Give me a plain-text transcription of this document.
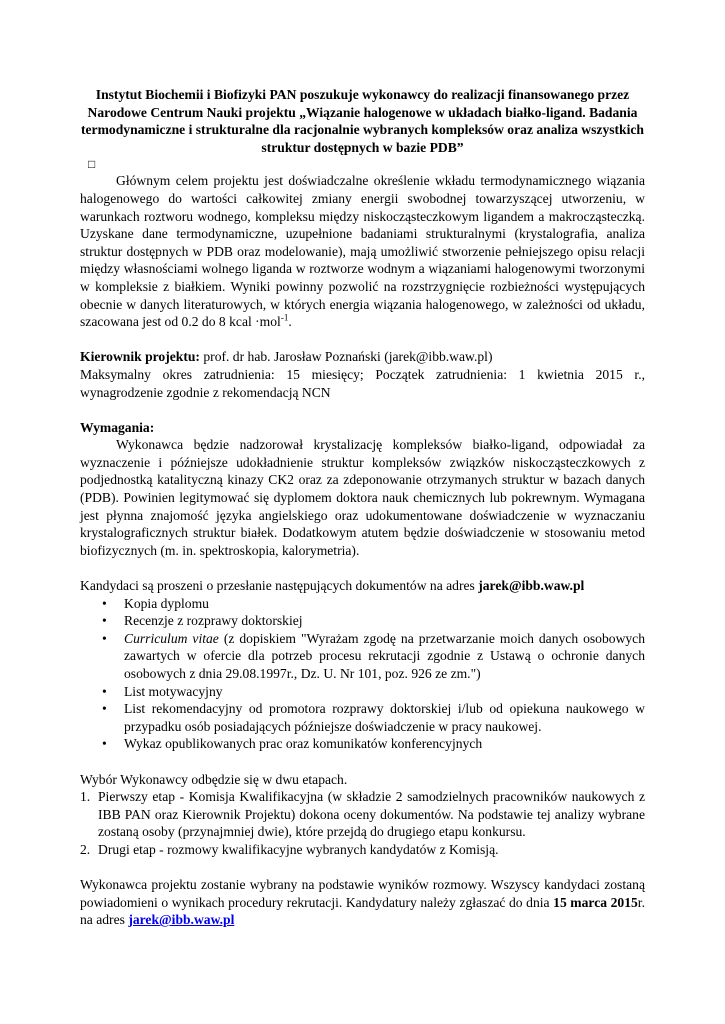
Instytut Biochemii i Biofizyki PAN poszukuje wykonawcy do realizacji finansowanego przez Narodowe Centrum Nauki projektu „Wiązanie halogenowe w układach białko-ligand. Badania termodynamiczne i strukturalne dla racjonalnie wybranych kompleksów oraz analiza wszystkich struktur dostępnych w bazie PDB”

□

Głównym celem projektu jest doświadczalne określenie wkładu termodynamicznego wiązania halogenowego do wartości całkowitej zmiany energii swobodnej towarzyszącej utworzeniu, w warunkach roztworu wodnego, kompleksu między niskocząsteczkowym ligandem a makrocząsteczką. Uzyskane dane termodynamiczne, uzupełnione badaniami strukturalnymi (krystalografia, analiza struktur dostępnych w PDB oraz modelowanie), mają umożliwić stworzenie pełniejszego opisu relacji między własnościami wolnego liganda w roztworze wodnym a wiązaniami halogenowymi tworzonymi w kompleksie z białkiem. Wyniki powinny pozwolić na rozstrzygnięcie rozbieżności występujących obecnie w danych literaturowych, w których energia wiązania halogenowego, w zależności od układu, szacowana jest od 0.2 do 8 kcal ·mol$^{-1}$.

Kierownik projektu: prof. dr hab. Jarosław Poznański (jarek@ibb.waw.pl)

Maksymalny okres zatrudnienia: 15 miesięcy; Początek zatrudnienia: 1 kwietnia 2015 r., wynagrodzenie zgodnie z rekomendacją NCN

Wymagania:

Wykonawca będzie nadzorował krystalizację kompleksów białko-ligand, odpowiadał za wyznaczenie i późniejsze udokładnienie struktur kompleksów związków niskocząsteczkowych z podjednostką katalityczną kinazy CK2 oraz za zdeponowanie otrzymanych struktur w bazach danych (PDB). Powinien legitymować się dyplomem doktora nauk chemicznych lub pokrewnym. Wymagana jest płynna znajomość języka angielskiego oraz udokumentowane doświadczenie w wyznaczaniu krystalograficznych struktur białek. Dodatkowym atutem będzie doświadczenie w stosowaniu metod biofizycznych (m. in. spektroskopia, kalorymetria).

Kandydaci są proszeni o przesłanie następujących dokumentów na adres jarek@ibb.waw.pl

• Kopia dyplomu
• Recenzje z rozprawy doktorskiej
• Curriculum vitae (z dopiskiem "Wyrażam zgodę na przetwarzanie moich danych osobowych zawartych w ofercie dla potrzeb procesu rekrutacji zgodnie z Ustawą o ochronie danych osobowych z dnia 29.08.1997r., Dz. U. Nr 101, poz. 926 ze zm.")
• List motywacyjny
• List rekomendacyjny od promotora rozprawy doktorskiej i/lub od opiekuna naukowego w przypadku osób posiadających późniejsze doświadczenie w pracy naukowej.
• Wykaz opublikowanych prac oraz komunikatów konferencyjnych

Wybór Wykonawcy odbędzie się w dwu etapach.

1. Pierwszy etap - Komisja Kwalifikacyjna (w składzie 2 samodzielnych pracowników naukowych z IBB PAN oraz Kierownik Projektu) dokona oceny dokumentów. Na podstawie tej analizy wybrane zostaną osoby (przynajmniej dwie), które przejdą do drugiego etapu konkursu.
2. Drugi etap - rozmowy kwalifikacyjne wybranych kandydatów z Komisją.

Wykonawca projektu zostanie wybrany na podstawie wyników rozmowy. Wszyscy kandydaci zostaną powiadomieni o wynikach procedury rekrutacji. Kandydatury należy zgłaszać do dnia 15 marca 2015r. na adres jarek@ibb.waw.pl
